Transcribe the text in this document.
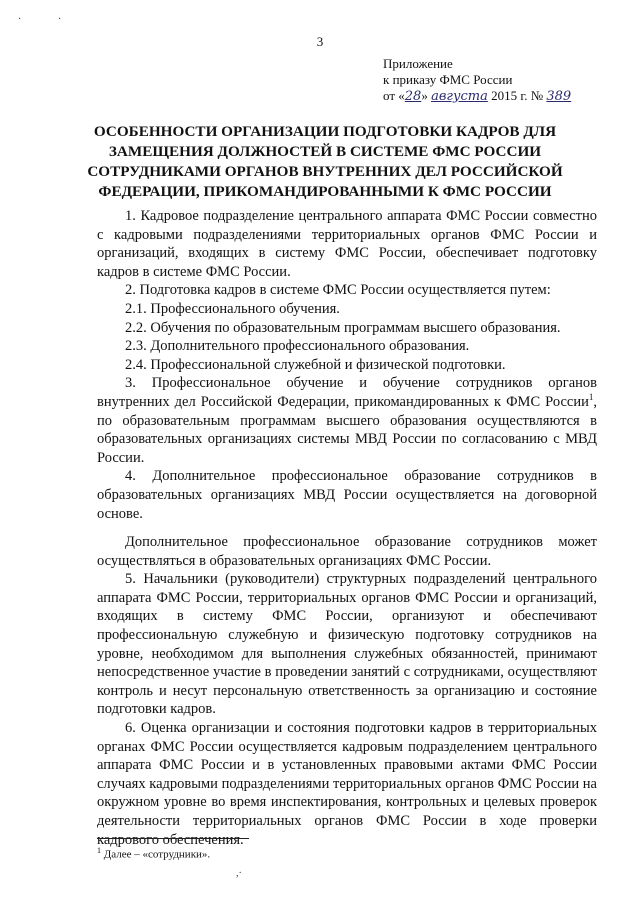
·	·
3
Приложение
к приказу ФМС России
от «28» августа 2015 г. № 389
ОСОБЕННОСТИ ОРГАНИЗАЦИИ ПОДГОТОВКИ КАДРОВ ДЛЯ ЗАМЕЩЕНИЯ ДОЛЖНОСТЕЙ В СИСТЕМЕ ФМС РОССИИ СОТРУДНИКАМИ ОРГАНОВ ВНУТРЕННИХ ДЕЛ РОССИЙСКОЙ ФЕДЕРАЦИИ, ПРИКОМАНДИРОВАННЫМИ К ФМС РОССИИ

1. Кадровое подразделение центрального аппарата ФМС России совместно с кадровыми подразделениями территориальных органов ФМС России и организаций, входящих в систему ФМС России, обеспечивает подготовку кадров в системе ФМС России.

2. Подготовка кадров в системе ФМС России осуществляется путем:

2.1. Профессионального обучения.

2.2. Обучения по образовательным программам высшего образования.

2.3. Дополнительного профессионального образования.

2.4. Профессиональной служебной и физической подготовки.

3. Профессиональное обучение и обучение сотрудников органов внутренних дел Российской Федерации, прикомандированных к ФМС России$^1$, по образовательным программам высшего образования осуществляются в образовательных организациях системы МВД России по согласованию с МВД России.

4. Дополнительное профессиональное образование сотрудников в образовательных организациях МВД России осуществляется на договорной основе.

Дополнительное профессиональное образование сотрудников может осуществляться в образовательных организациях ФМС России.

5. Начальники (руководители) структурных подразделений центрального аппарата ФМС России, территориальных органов ФМС России и организаций, входящих в систему ФМС России, организуют и обеспечивают профессиональную служебную и физическую подготовку сотрудников на уровне, необходимом для выполнения служебных обязанностей, принимают непосредственное участие в проведении занятий с сотрудниками, осуществляют контроль и несут персональную ответственность за организацию и состояние подготовки кадров.

6. Оценка организации и состояния подготовки кадров в территориальных органах ФМС России осуществляется кадровым подразделением центрального аппарата ФМС России и в установленных правовыми актами ФМС России случаях кадровыми подразделениями территориальных органов ФМС России на окружном уровне во время инспектирования, контрольных и целевых проверок деятельности территориальных органов ФМС России в ходе проверки кадрового обеспечения.

$^1$ Далее – «сотрудники».
,·
